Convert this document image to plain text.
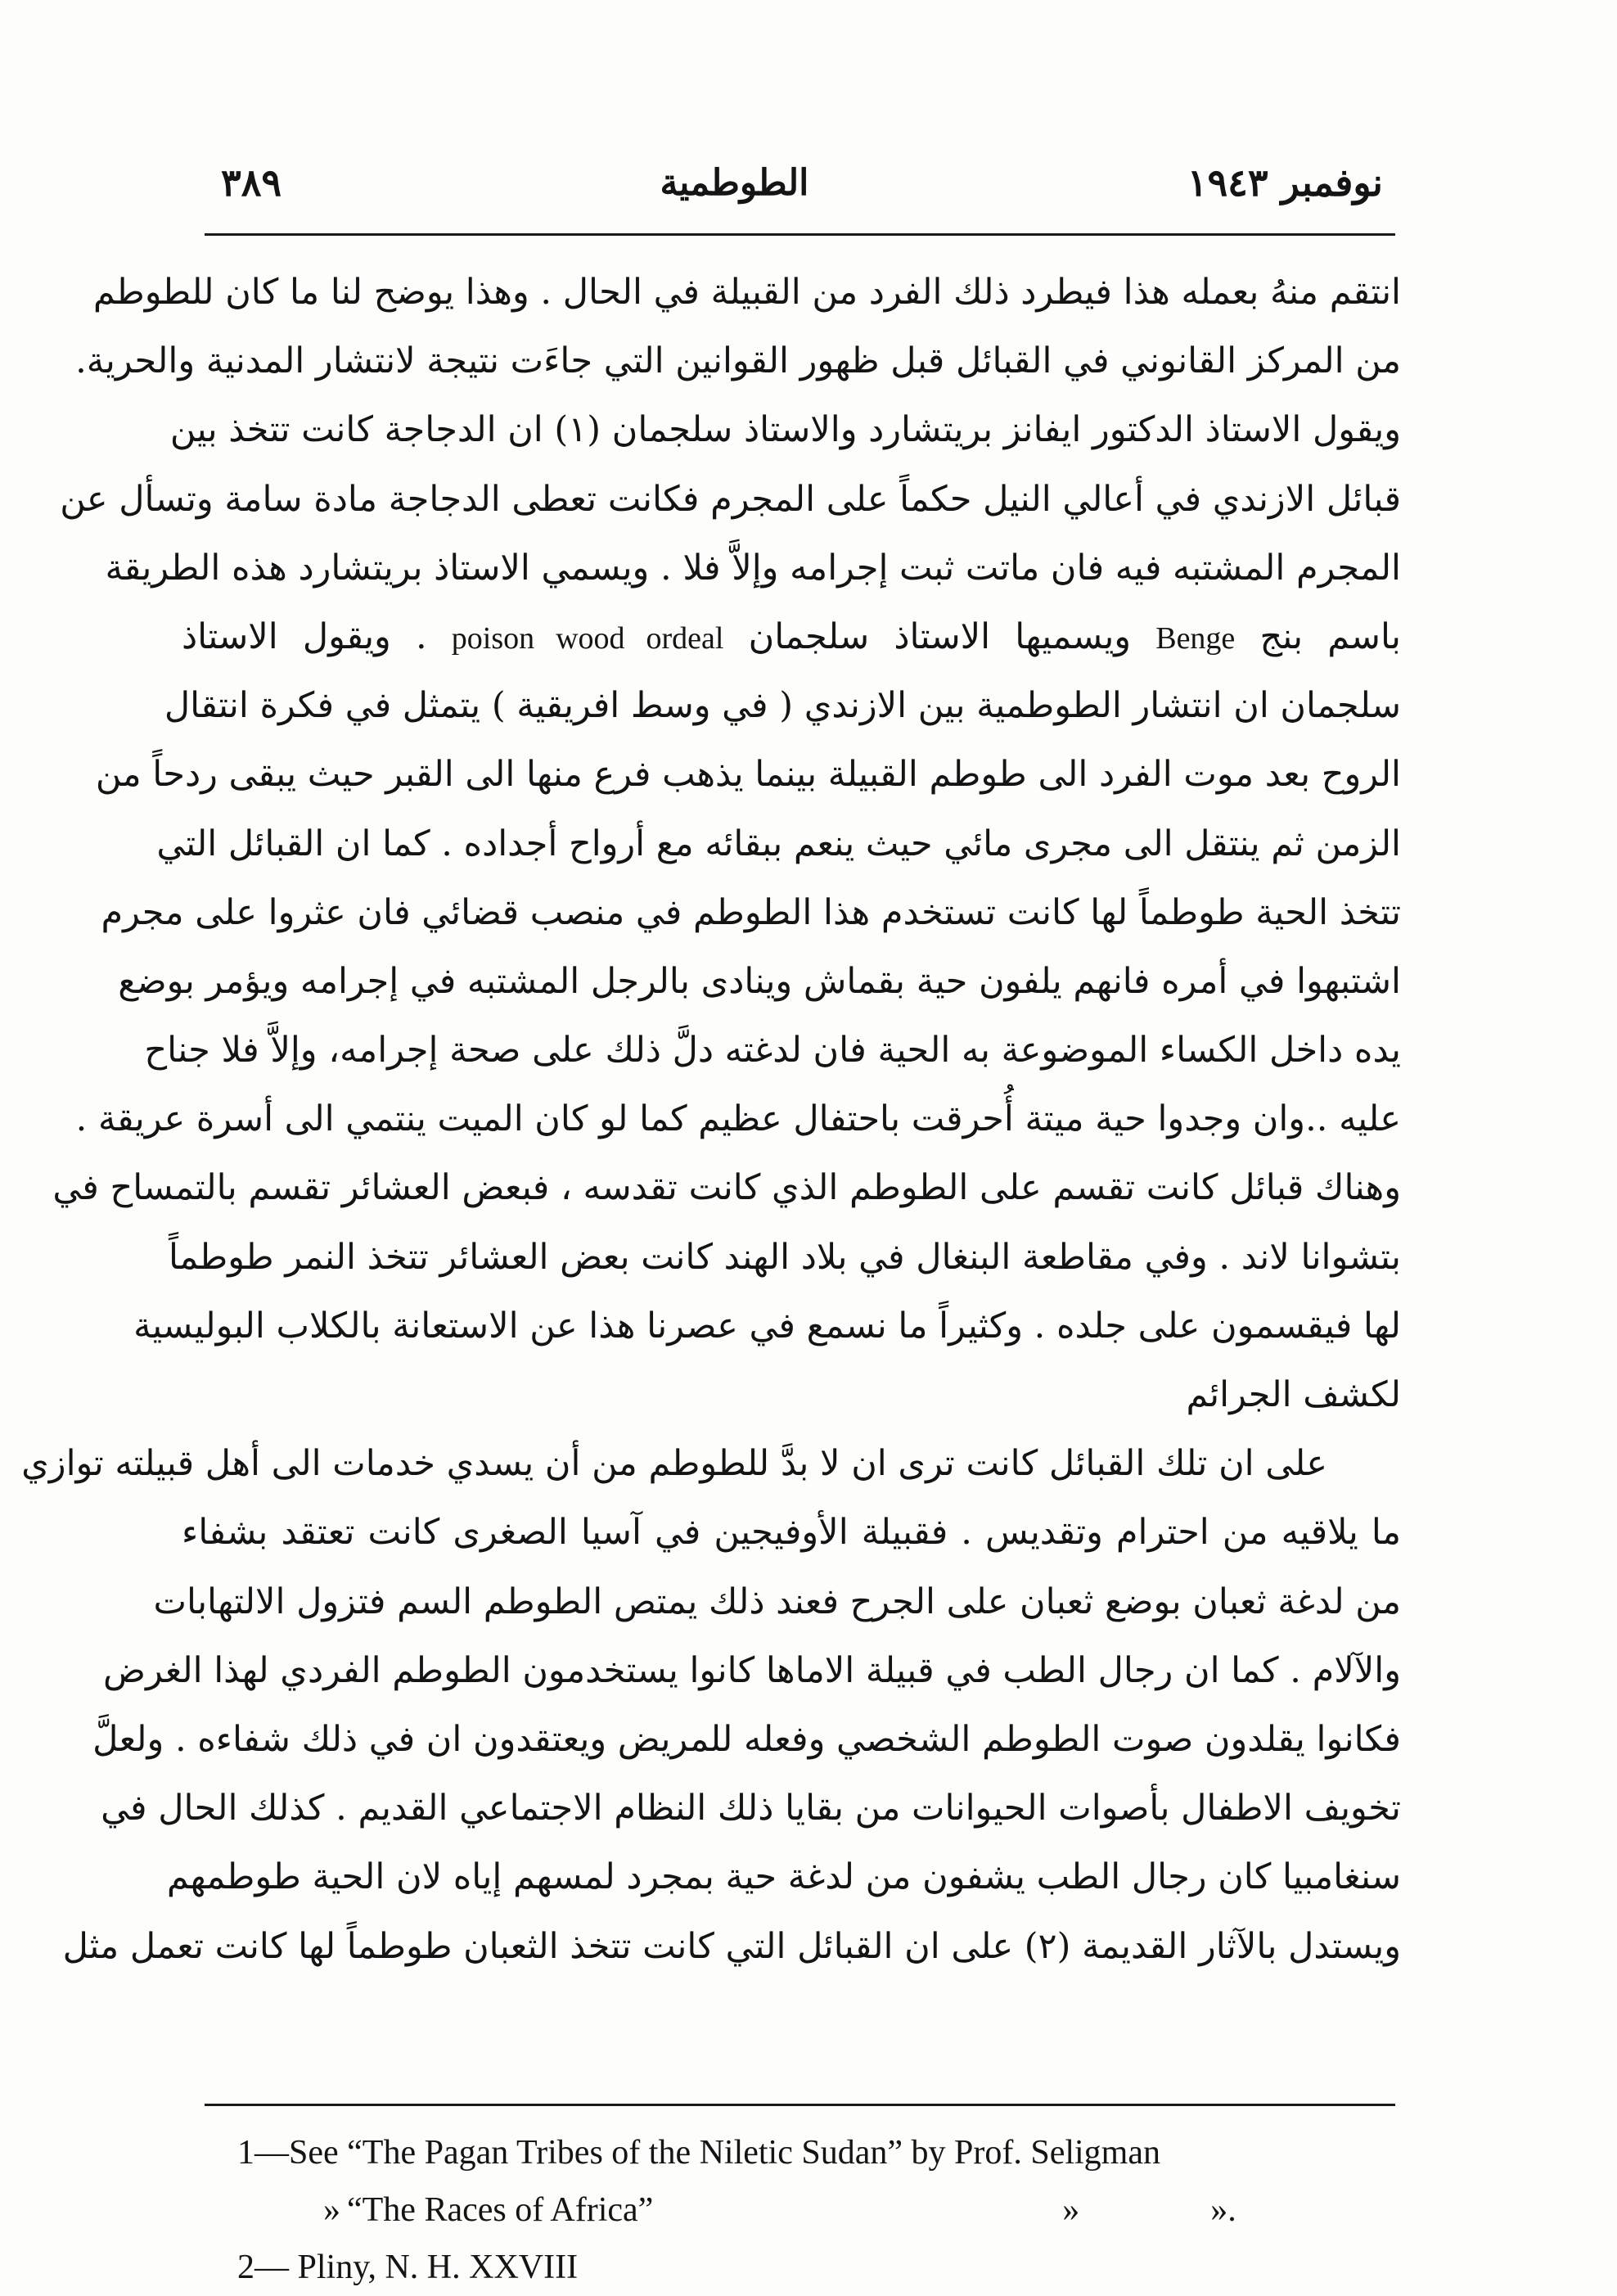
نوفمبر ١٩٤٣
الطوطمية
٣٨٩
انتقم منهُ بعمله هذا فيطرد ذلك الفرد من القبيلة في الحال . وهذا يوضح لنا ما كان للطوطم
من المركز القانوني في القبائل قبل ظهور القوانين التي جاءَت نتيجة لانتشار المدنية والحرية.
ويقول الاستاذ الدكتور ايفانز بريتشارد والاستاذ سلجمان (١) ان الدجاجة كانت تتخذ بين
قبائل الازندي في أعالي النيل حكماً على المجرم فكانت تعطى الدجاجة مادة سامة وتسأل عن
المجرم المشتبه فيه فان ماتت ثبت إجرامه وإلاَّ فلا . ويسمي الاستاذ بريتشارد هذه الطريقة
باسم بنج Benge ويسميها الاستاذ سلجمان poison wood ordeal . ويقول الاستاذ
سلجمان ان انتشار الطوطمية بين الازندي ( في وسط افريقية ) يتمثل في فكرة انتقال
الروح بعد موت الفرد الى طوطم القبيلة بينما يذهب فرع منها الى القبر حيث يبقى ردحاً من
الزمن ثم ينتقل الى مجرى مائي حيث ينعم ببقائه مع أرواح أجداده . كما ان القبائل التي
تتخذ الحية طوطماً لها كانت تستخدم هذا الطوطم في منصب قضائي فان عثروا على مجرم
اشتبهوا في أمره فانهم يلفون حية بقماش وينادى بالرجل المشتبه في إجرامه ويؤمر بوضع
يده داخل الكساء الموضوعة به الحية فان لدغته دلَّ ذلك على صحة إجرامه، وإلاَّ فلا جناح
عليه ..وان وجدوا حية ميتة أُحرقت باحتفال عظيم كما لو كان الميت ينتمي الى أسرة عريقة .
وهناك قبائل كانت تقسم على الطوطم الذي كانت تقدسه ، فبعض العشائر تقسم بالتمساح في
بتشوانا لاند . وفي مقاطعة البنغال في بلاد الهند كانت بعض العشائر تتخذ النمر طوطماً
لها فيقسمون على جلده . وكثيراً ما نسمع في عصرنا هذا عن الاستعانة بالكلاب البوليسية
لكشف الجرائم
على ان تلك القبائل كانت ترى ان لا بدَّ للطوطم من أن يسدي خدمات الى أهل قبيلته توازي
ما يلاقيه من احترام وتقديس . فقبيلة الأوفيجين في آسيا الصغرى كانت تعتقد بشفاء
من لدغة ثعبان بوضع ثعبان على الجرح فعند ذلك يمتص الطوطم السم فتزول الالتهابات
والآلام . كما ان رجال الطب في قبيلة الاماها كانوا يستخدمون الطوطم الفردي لهذا الغرض
فكانوا يقلدون صوت الطوطم الشخصي وفعله للمريض ويعتقدون ان في ذلك شفاءه . ولعلَّ
تخويف الاطفال بأصوات الحيوانات من بقايا ذلك النظام الاجتماعي القديم . كذلك الحال في
سنغامبيا كان رجال الطب يشفون من لدغة حية بمجرد لمسهم إياه لان الحية طوطمهم
ويستدل بالآثار القديمة (٢) على ان القبائل التي كانت تتخذ الثعبان طوطماً لها كانت تعمل مثل
1—See “The Pagan Tribes of the Niletic Sudan” by Prof. Seligman
» “The Races of Africa”	»	».
2— Pliny, N. H. XXVIII
